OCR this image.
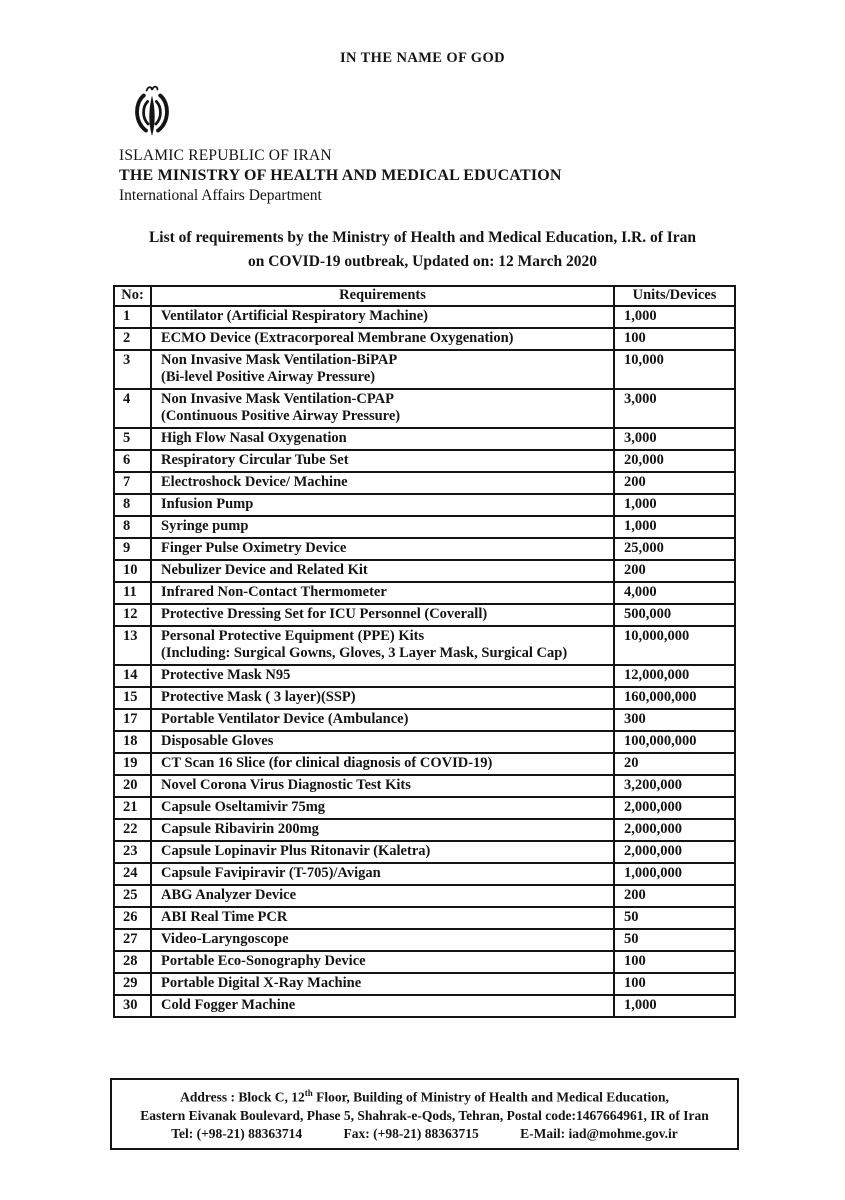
IN THE NAME OF GOD
ISLAMIC REPUBLIC OF IRAN
THE MINISTRY OF HEALTH AND MEDICAL EDUCATION
International Affairs Department
List of requirements by the Ministry of Health and Medical Education, I.R. of Iran
on COVID-19 outbreak, Updated on: 12 March 2020
No:	Requirements	Units/Devices
1	Ventilator (Artificial Respiratory Machine)	1,000
2	ECMO Device (Extracorporeal Membrane Oxygenation)	100
3	Non Invasive Mask Ventilation-BiPAP
(Bi-level Positive Airway Pressure)	10,000
4	Non Invasive Mask Ventilation-CPAP
(Continuous Positive Airway Pressure)	3,000
5	High Flow Nasal Oxygenation	3,000
6	Respiratory Circular Tube Set	20,000
7	Electroshock Device/ Machine	200
8	Infusion Pump	1,000
8	Syringe pump	1,000
9	Finger Pulse Oximetry Device	25,000
10	Nebulizer Device and Related Kit	200
11	Infrared Non-Contact Thermometer	4,000
12	Protective Dressing Set for ICU Personnel (Coverall)	500,000
13	Personal Protective Equipment (PPE) Kits
(Including: Surgical Gowns, Gloves, 3 Layer Mask, Surgical Cap)	10,000,000
14	Protective Mask N95	12,000,000
15	Protective Mask ( 3 layer)(SSP)	160,000,000
17	Portable Ventilator Device (Ambulance)	300
18	Disposable Gloves	100,000,000
19	CT Scan 16 Slice (for clinical diagnosis of COVID-19)	20
20	Novel Corona Virus Diagnostic Test Kits	3,200,000
21	Capsule Oseltamivir 75mg	2,000,000
22	Capsule Ribavirin 200mg	2,000,000
23	Capsule Lopinavir Plus Ritonavir (Kaletra)	2,000,000
24	Capsule Favipiravir (T-705)/Avigan	1,000,000
25	ABG Analyzer Device	200
26	ABI Real Time PCR	50
27	Video-Laryngoscope	50
28	Portable Eco-Sonography Device	100
29	Portable Digital X-Ray Machine	100
30	Cold Fogger Machine	1,000
Address : Block C, 12th Floor, Building of Ministry of Health and Medical Education,
Eastern Eivanak Boulevard, Phase 5, Shahrak-e-Qods, Tehran, Postal code:1467664961, IR of Iran
Tel: (+98-21) 88363714	Fax: (+98-21) 88363715	E-Mail: iad@mohme.gov.ir
